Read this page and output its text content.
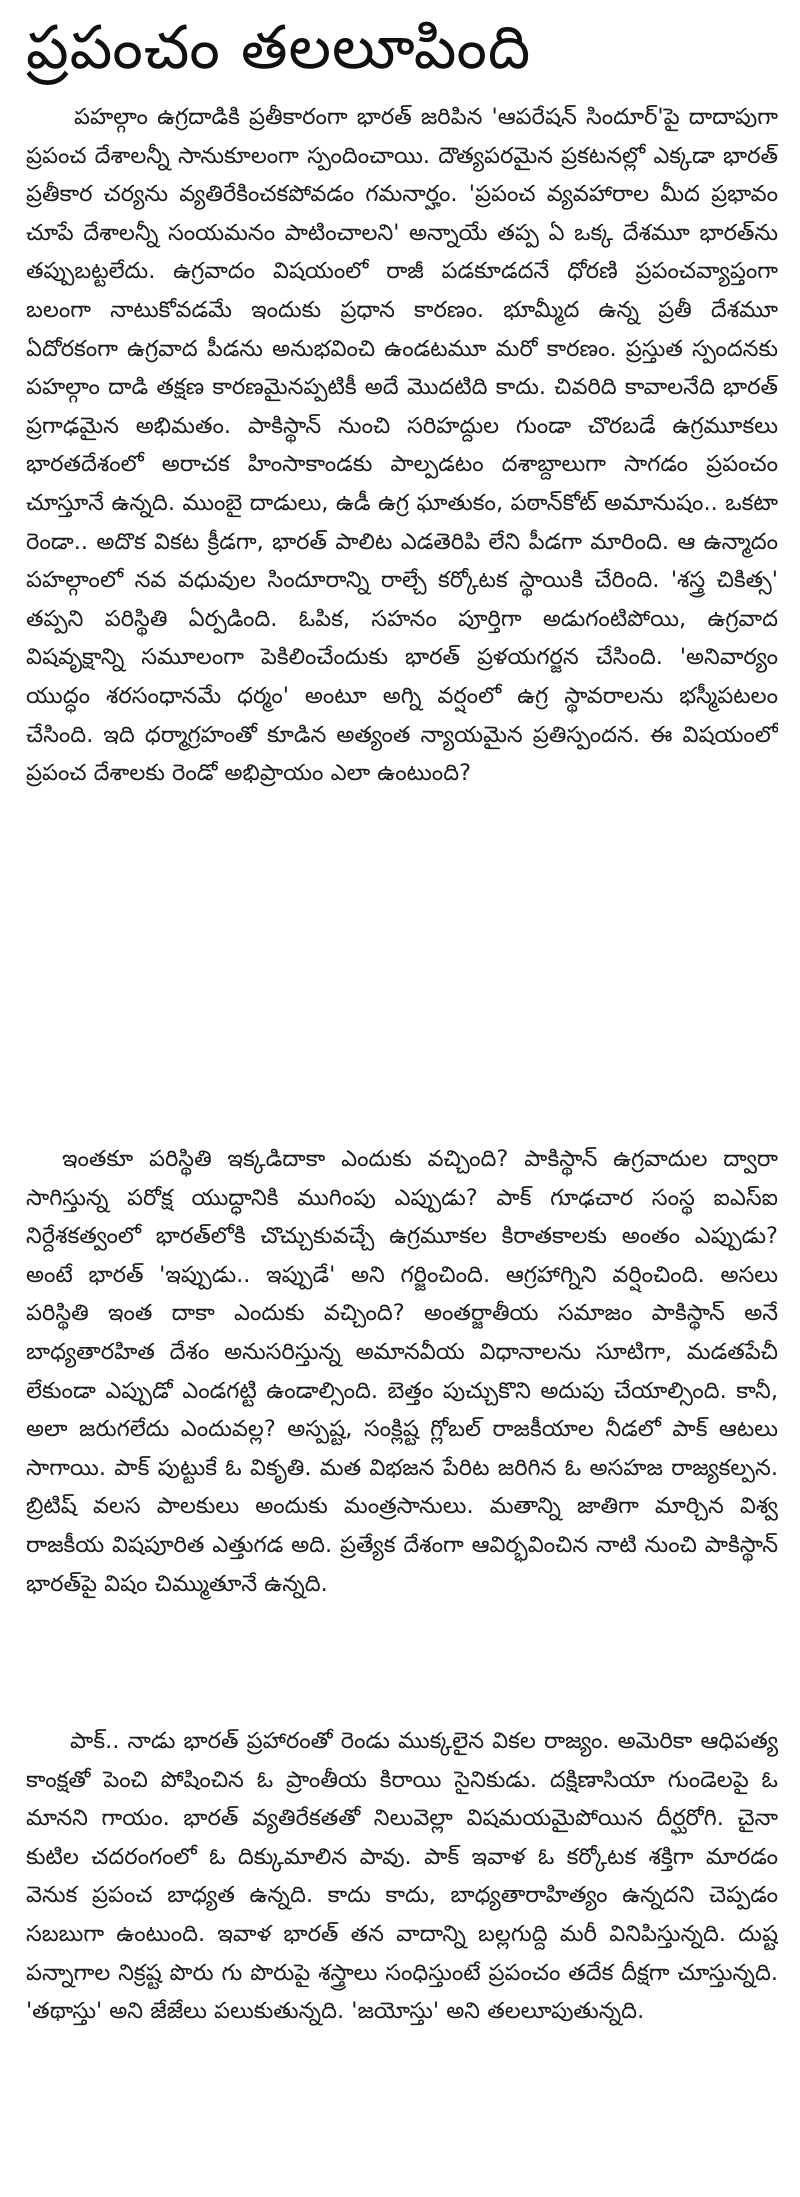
ప్రపంచం తలలూపింది

పహల్గాం ఉగ్రదాడికి ప్రతీకారంగా భారత్ జరిపిన 'ఆపరేషన్ సిందూర్'పై దాదాపుగా ప్రపంచ దేశాలన్నీ సానుకూలంగా స్పందించాయి. దౌత్యపరమైన ప్రకటనల్లో ఎక్కడా భారత్ ప్రతీకార చర్యను వ్యతిరేకించకపోవడం గమనార్హం. 'ప్రపంచ వ్యవహారాల మీద ప్రభావం చూపే దేశాలన్నీ సంయమనం పాటించాలని' అన్నాయే తప్ప ఏ ఒక్క దేశమూ భారత్‌ను తప్పుబట్టలేదు. ఉగ్రవాదం విషయంలో రాజీ పడకూడదనే ధోరణి ప్రపంచవ్యాప్తంగా బలంగా నాటుకోవడమే ఇందుకు ప్రధాన కారణం. భూమ్మీద ఉన్న ప్రతీ దేశమూ ఏదోరకంగా ఉగ్రవాద పీడను అనుభవించి ఉండటమూ మరో కారణం. ప్రస్తుత స్పందనకు పహల్గాం దాడి తక్షణ కారణమైనప్పటికీ అదే మొదటిది కాదు. చివరిది కావాలనేది భారత్ ప్రగాఢమైన అభిమతం. పాకిస్థాన్ నుంచి సరిహద్దుల గుండా చొరబడే ఉగ్రమూకలు భారతదేశంలో అరాచక హింసాకాండకు పాల్పడటం దశాబ్దాలుగా సాగడం ప్రపంచం చూస్తూనే ఉన్నది. ముంబై దాడులు, ఉడీ ఉగ్ర ఘాతుకం, పఠాన్‌కోట్ అమానుషం.. ఒకటా రెండా.. అదొక వికట క్రీడగా, భారత్ పాలిట ఎడతెరిపి లేని పీడగా మారింది. ఆ ఉన్మాదం పహల్గాంలో నవ వధువుల సిందూరాన్ని రాల్చే కర్కోటక స్థాయికి చేరింది. 'శస్త్ర చికిత్స' తప్పని పరిస్థితి ఏర్పడింది. ఓపిక, సహనం పూర్తిగా అడుగంటిపోయి, ఉగ్రవాద విషవృక్షాన్ని సమూలంగా పెకిలించేందుకు భారత్ ప్రళయగర్జన చేసింది. 'అనివార్యం యుద్ధం శరసంధానమే ధర్మం' అంటూ అగ్ని వర్షంలో ఉగ్ర స్థావరాలను భస్మీపటలం చేసింది. ఇది ధర్మాగ్రహంతో కూడిన అత్యంత న్యాయమైన ప్రతిస్పందన. ఈ విషయంలో ప్రపంచ దేశాలకు రెండో అభిప్రాయం ఎలా ఉంటుంది?

ఇంతకూ పరిస్థితి ఇక్కడిదాకా ఎందుకు వచ్చింది? పాకిస్థాన్ ఉగ్రవాదుల ద్వారా సాగిస్తున్న పరోక్ష యుద్ధానికి ముగింపు ఎప్పుడు? పాక్ గూఢచార సంస్థ ఐఎస్ఐ నిర్దేశకత్వంలో భారత్‌లోకి చొచ్చుకువచ్చే ఉగ్రమూకల కిరాతకాలకు అంతం ఎప్పుడు? అంటే భారత్ 'ఇప్పుడు.. ఇప్పుడే' అని గర్జించింది. ఆగ్రహాగ్నిని వర్షించింది. అసలు పరిస్థితి ఇంత దాకా ఎందుకు వచ్చింది? అంతర్జాతీయ సమాజం పాకిస్థాన్ అనే బాధ్యతారహిత దేశం అనుసరిస్తున్న అమానవీయ విధానాలను సూటిగా, మడతపేచీ లేకుండా ఎప్పుడో ఎండగట్టి ఉండాల్సింది. బెత్తం పుచ్చుకొని అదుపు చేయాల్సింది. కానీ, అలా జరుగలేదు ఎందువల్ల? అస్పష్ట, సంక్లిష్ట గ్లోబల్ రాజకీయాల నీడలో పాక్ ఆటలు సాగాయి. పాక్ పుట్టుకే ఓ వికృతి. మత విభజన పేరిట జరిగిన ఓ అసహజ రాజ్యకల్పన. బ్రిటిష్ వలస పాలకులు అందుకు మంత్రసానులు. మతాన్ని జాతిగా మార్చిన విశ్వ రాజకీయ విషపూరిత ఎత్తుగడ అది. ప్రత్యేక దేశంగా ఆవిర్భవించిన నాటి నుంచి పాకిస్థాన్ భారత్‌పై విషం చిమ్ముతూనే ఉన్నది.

పాక్.. నాడు భారత్ ప్రహారంతో రెండు ముక్కలైన వికల రాజ్యం. అమెరికా ఆధిపత్య కాంక్షతో పెంచి పోషించిన ఓ ప్రాంతీయ కిరాయి సైనికుడు. దక్షిణాసియా గుండెలపై ఓ మానని గాయం. భారత్ వ్యతిరేకతతో నిలువెల్లా విషమయమైపోయిన దీర్ఘరోగి. చైనా కుటిల చదరంగంలో ఓ దిక్కుమాలిన పావు. పాక్ ఇవాళ ఓ కర్కోటక శక్తిగా మారడం వెనుక ప్రపంచ బాధ్యత ఉన్నది. కాదు కాదు, బాధ్యతారాహిత్యం ఉన్నదని చెప్పడం సబబుగా ఉంటుంది. ఇవాళ భారత్ తన వాదాన్ని బల్లగుద్ది మరీ వినిపిస్తున్నది. దుష్ట పన్నాగాల నిక్రష్ట పొరు గు పొరుపై శస్త్రాలు సంధిస్తుంటే ప్రపంచం తదేక దీక్షగా చూస్తున్నది. 'తథాస్తు' అని జేజేలు పలుకుతున్నది. 'జయోస్తు' అని తలలూపుతున్నది.
